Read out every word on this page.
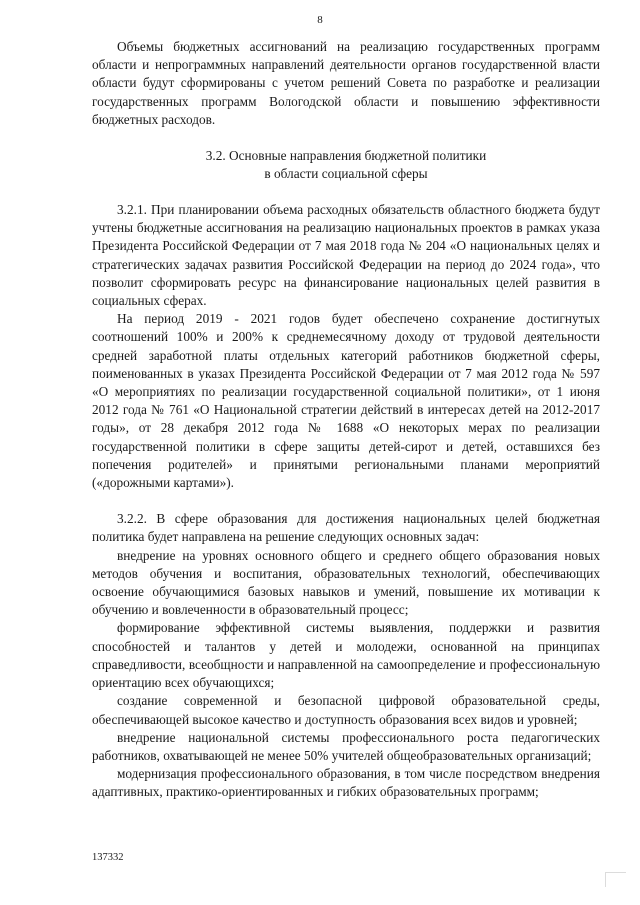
8

Объемы бюджетных ассигнований на реализацию государственных программ области и непрограммных направлений деятельности органов государственной власти области будут сформированы с учетом решений Совета по разработке и реализации государственных программ Вологодской области и повышению эффективности бюджетных расходов.

3.2. Основные направления бюджетной политики
в области социальной сферы

3.2.1. При планировании объема расходных обязательств областного бюджета будут учтены бюджетные ассигнования на реализацию национальных проектов в рамках указа Президента Российской Федерации от 7 мая 2018 года № 204 «О национальных целях и стратегических задачах развития Российской Федерации на период до 2024 года», что позволит сформировать ресурс на финансирование национальных целей развития в социальных сферах.

На период 2019 - 2021 годов будет обеспечено сохранение достигнутых соотношений 100% и 200% к среднемесячному доходу от трудовой деятельности средней заработной платы отдельных категорий работников бюджетной сферы, поименованных в указах Президента Российской Федерации от 7 мая 2012 года № 597 «О мероприятиях по реализации государственной социальной политики», от 1 июня 2012 года № 761 «О Национальной стратегии действий в интересах детей на 2012-2017 годы», от 28 декабря 2012 года № 1688 «О некоторых мерах по реализации государственной политики в сфере защиты детей-сирот и детей, оставшихся без попечения родителей» и принятыми региональными планами мероприятий («дорожными картами»).

3.2.2. В сфере образования для достижения национальных целей бюджетная политика будет направлена на решение следующих основных задач:

внедрение на уровнях основного общего и среднего общего образования новых методов обучения и воспитания, образовательных технологий, обеспечивающих освоение обучающимися базовых навыков и умений, повышение их мотивации к обучению и вовлеченности в образовательный процесс;

формирование эффективной системы выявления, поддержки и развития способностей и талантов у детей и молодежи, основанной на принципах справедливости, всеобщности и направленной на самоопределение и профессиональную ориентацию всех обучающихся;

создание современной и безопасной цифровой образовательной среды, обеспечивающей высокое качество и доступность образования всех видов и уровней;

внедрение национальной системы профессионального роста педагогических работников, охватывающей не менее 50% учителей общеобразовательных организаций;

модернизация профессионального образования, в том числе посредством внедрения адаптивных, практико-ориентированных и гибких образовательных программ;

137332
